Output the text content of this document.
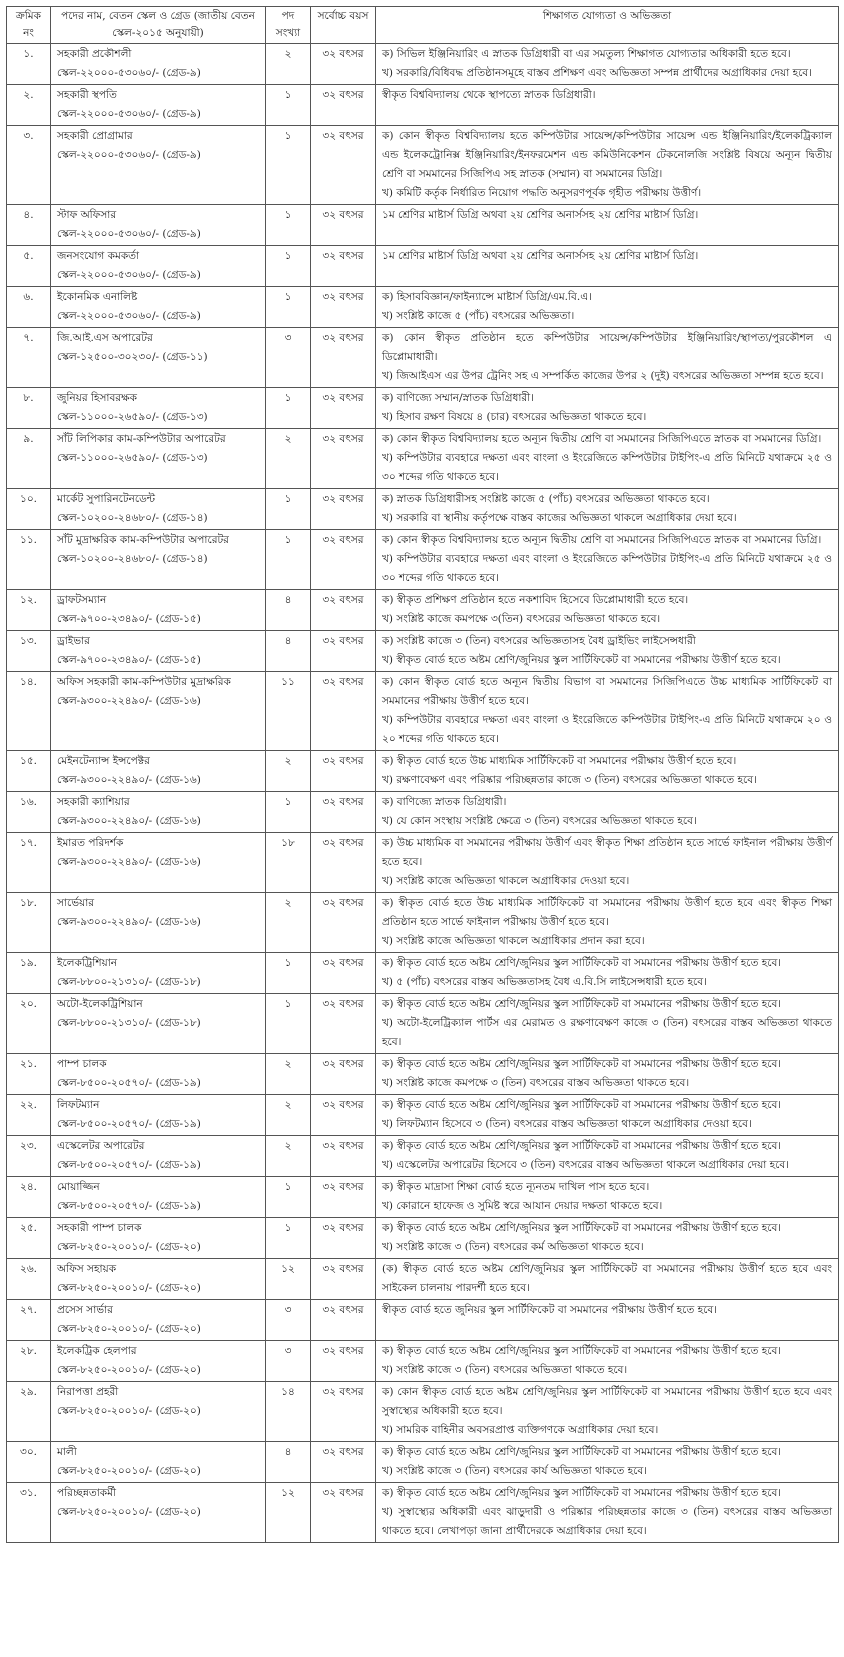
ক্রমিক নং	পদের নাম, বেতন স্কেল ও গ্রেড (জাতীয় বেতন স্কেল-২০১৫ অনুযায়ী)	পদ সংখ্যা	সর্বোচ্চ বয়স	শিক্ষাগত যোগ্যতা ও অভিজ্ঞতা
১.	সহকারী প্রকৌশলী
স্কেল-২২০০০-৫৩০৬০/- (গ্রেড-৯)	২	৩২ বৎসর	ক) সিভিল ইঞ্জিনিয়ারিং এ স্নাতক ডিগ্রিধারী বা এর সমতুল্য শিক্ষাগত যোগ্যতার অধিকারী হতে হবে।
খ) সরকারি/বিধিবদ্ধ প্রতিষ্ঠানসমূহে বাস্তব প্রশিক্ষণ এবং অভিজ্ঞতা সম্পন্ন প্রার্থীদের অগ্রাধিকার দেয়া হবে।

২.	সহকারী স্থপতি
স্কেল-২২০০০-৫৩০৬০/- (গ্রেড-৯)	১	৩২ বৎসর	স্বীকৃত বিশ্ববিদ্যালয় থেকে স্থাপত্যে স্নাতক ডিগ্রিধারী।

৩.	সহকারী প্রোগ্রামার
স্কেল-২২০০০-৫৩০৬০/- (গ্রেড-৯)	১	৩২ বৎসর	ক) কোন স্বীকৃত বিশ্ববিদ্যালয় হতে কম্পিউটার সায়েন্স/কম্পিউটার সায়েন্স এন্ড ইঞ্জিনিয়ারিং/ইলেকট্রিক্যাল এন্ড ইলেকট্রোনিক্স ইঞ্জিনিয়ারিং/ইনফরমেশন এন্ড কমিউনিকেশন টেকনোলজি সংশ্লিষ্ট বিষয়ে অন্যূন দ্বিতীয় শ্রেণি বা সমমানের সিজিপিএ সহ স্নাতক (সম্মান) বা সমমানের ডিগ্রি।
খ) কমিটি কর্তৃক নির্ধারিত নিয়োগ পদ্ধতি অনুসরণপূর্বক গৃহীত পরীক্ষায় উত্তীর্ণ।

৪.	স্টাফ অফিসার
স্কেল-২২০০০-৫৩০৬০/- (গ্রেড-৯)	১	৩২ বৎসর	১ম শ্রেণির মাষ্টার্স ডিগ্রি অথবা ২য় শ্রেণির অনার্সসহ ২য় শ্রেণির মাষ্টার্স ডিগ্রি।

৫.	জনসংযোগ কমকর্তা
স্কেল-২২০০০-৫৩০৬০/- (গ্রেড-৯)	১	৩২ বৎসর	১ম শ্রেণির মাষ্টার্স ডিগ্রি অথবা ২য় শ্রেণির অনার্সসহ ২য় শ্রেণির মাষ্টার্স ডিগ্রি।

৬.	ইকোনমিক এনালিষ্ট
স্কেল-২২০০০-৫৩০৬০/- (গ্রেড-৯)	১	৩২ বৎসর	ক) হিসাববিজ্ঞান/ফাইন্যান্সে মাষ্টার্স ডিগ্রি/এম.বি.এ।
খ) সংশ্লিষ্ট কাজে ৫ (পাঁচ) বৎসরের অভিজ্ঞতা।

৭.	জি.আই.এস অপারেটর
স্কেল-১২৫০০-৩০২৩০/- (গ্রেড-১১)	৩	৩২ বৎসর	ক) কোন স্বীকৃত প্রতিষ্ঠান হতে কম্পিউটার সায়েন্স/কম্পিউটার ইঞ্জিনিয়ারিং/স্থাপত্য/পুরকৌশল এ ডিপ্লোমাধারী।
খ) জিআইএস এর উপর ট্রেনিং সহ এ সম্পর্কিত কাজের উপর ২ (দুই) বৎসরের অভিজ্ঞতা সম্পন্ন হতে হবে।

৮.	জুনিয়র হিসাবরক্ষক
স্কেল-১১০০০-২৬৫৯০/- (গ্রেড-১৩)	১	৩২ বৎসর	ক) বাণিজ্যে সম্মান/স্নাতক ডিগ্রিধারী।
খ) হিসাব রক্ষণ বিষয়ে ৪ (চার) বৎসরের অভিজ্ঞতা থাকতে হবে।

৯.	সাঁট লিপিকার কাম-কম্পিউটার অপারেটর
স্কেল-১১০০০-২৬৫৯০/- (গ্রেড-১৩)	২	৩২ বৎসর	ক) কোন স্বীকৃত বিশ্ববিদ্যালয় হতে অন্যূন দ্বিতীয় শ্রেণি বা সমমানের সিজিপিএতে স্নাতক বা সমমানের ডিগ্রি।
খ) কম্পিউটার ব্যবহারে দক্ষতা এবং বাংলা ও ইংরেজিতে কম্পিউটার টাইপিং-এ প্রতি মিনিটে যথাক্রমে ২৫ ও ৩০ শব্দের গতি থাকতে হবে।

১০.	মার্কেট সুপারিনটেনডেন্ট
স্কেল-১০২০০-২৪৬৮০/- (গ্রেড-১৪)	১	৩২ বৎসর	ক) স্নাতক ডিগ্রিধারীসহ সংশ্লিষ্ট কাজে ৫ (পাঁচ) বৎসরের অভিজ্ঞতা থাকতে হবে।
খ) সরকারি বা স্থানীয় কর্তৃপক্ষে বাস্তব কাজের অভিজ্ঞতা থাকলে অগ্রাধিকার দেয়া হবে।

১১.	সাঁট মুদ্রাক্ষরিক কাম-কম্পিউটার অপারেটর
স্কেল-১০২০০-২৪৬৮০/- (গ্রেড-১৪)	১	৩২ বৎসর	ক) কোন স্বীকৃত বিশ্ববিদ্যালয় হতে অন্যূন দ্বিতীয় শ্রেণি বা সমমানের সিজিপিএতে স্নাতক বা সমমানের ডিগ্রি।
খ) কম্পিউটার ব্যবহারে দক্ষতা এবং বাংলা ও ইংরেজিতে কম্পিউটার টাইপিং-এ প্রতি মিনিটে যথাক্রমে ২৫ ও ৩০ শব্দের গতি থাকতে হবে।

১২.	ড্রাফটসম্যান
স্কেল-৯৭০০-২৩৪৯০/- (গ্রেড-১৫)	৪	৩২ বৎসর	ক) স্বীকৃত প্রশিক্ষণ প্রতিষ্ঠান হতে নকশাবিদ হিসেবে ডিপ্লোমাধারী হতে হবে।
খ) সংশ্লিষ্ট কাজে কমপক্ষে ৩(তিন) বৎসরের অভিজ্ঞতা থাকতে হবে।

১৩.	ড্রাইভার
স্কেল-৯৭০০-২৩৪৯০/- (গ্রেড-১৫)	৪	৩২ বৎসর	ক) সংশ্লিষ্ট কাজে ৩ (তিন) বৎসরের অভিজ্ঞতাসহ বৈধ ড্রাইভিং লাইসেন্সধারী
খ) স্বীকৃত বোর্ড হতে অষ্টম শ্রেণি/জুনিয়র স্কুল সার্টিফিকেট বা সমমানের পরীক্ষায় উত্তীর্ণ হতে হবে।

১৪.	অফিস সহকারী কাম-কম্পিউটার মুদ্রাক্ষরিক
স্কেল-৯৩০০-২২৪৯০/- (গ্রেড-১৬)	১১	৩২ বৎসর	ক) কোন স্বীকৃত বোর্ড হতে অন্যূন দ্বিতীয় বিভাগ বা সমমানের সিজিপিএতে উচ্চ মাধ্যমিক সার্টিফিকেট বা সমমানের পরীক্ষায় উত্তীর্ণ হতে হবে।
খ) কম্পিউটার ব্যবহারে দক্ষতা এবং বাংলা ও ইংরেজিতে কম্পিউটার টাইপিং-এ প্রতি মিনিটে যথাক্রমে ২০ ও ২০ শব্দের গতি থাকতে হবে।

১৫.	মেইনটেন্যান্স ইন্সপেক্টর
স্কেল-৯৩০০-২২৪৯০/- (গ্রেড-১৬)	২	৩২ বৎসর	ক) স্বীকৃত বোর্ড হতে উচ্চ মাধ্যমিক সার্টিফিকেট বা সমমানের পরীক্ষায় উত্তীর্ণ হতে হবে।
খ) রক্ষণাবেক্ষণ এবং পরিষ্কার পরিচ্ছন্নতার কাজে ৩ (তিন) বৎসরের অভিজ্ঞতা থাকতে হবে।

১৬.	সহকারী ক্যাশিয়ার
স্কেল-৯৩০০-২২৪৯০/- (গ্রেড-১৬)	১	৩২ বৎসর	ক) বাণিজ্যে স্নাতক ডিগ্রিধারী।
খ) যে কোন সংস্থায় সংশ্লিষ্ট ক্ষেত্রে ৩ (তিন) বৎসরের অভিজ্ঞতা থাকতে হবে।

১৭.	ইমারত পরিদর্শক
স্কেল-৯৩০০-২২৪৯০/- (গ্রেড-১৬)	১৮	৩২ বৎসর	ক) উচ্চ মাধ্যমিক বা সমমানের পরীক্ষায় উত্তীর্ণ এবং স্বীকৃত শিক্ষা প্রতিষ্ঠান হতে সার্ভে ফাইনাল পরীক্ষায় উত্তীর্ণ হতে হবে।
খ) সংশ্লিষ্ট কাজে অভিজ্ঞতা থাকলে অগ্রাধিকার দেওয়া হবে।

১৮.	সার্ভেয়ার
স্কেল-৯৩০০-২২৪৯০/- (গ্রেড-১৬)	২	৩২ বৎসর	ক) স্বীকৃত বোর্ড হতে উচ্চ মাধ্যমিক সার্টিফিকেট বা সমমানের পরীক্ষায় উত্তীর্ণ হতে হবে এবং স্বীকৃত শিক্ষা প্রতিষ্ঠান হতে সার্ভে ফাইনাল পরীক্ষায় উত্তীর্ণ হতে হবে।
খ) সংশ্লিষ্ট কাজে অভিজ্ঞতা থাকলে অগ্রাধিকার প্রদান করা হবে।

১৯.	ইলেকট্রিশিয়ান
স্কেল-৮৮০০-২১৩১০/- (গ্রেড-১৮)	১	৩২ বৎসর	ক) স্বীকৃত বোর্ড হতে অষ্টম শ্রেণি/জুনিয়র স্কুল সার্টিফিকেট বা সমমানের পরীক্ষায় উত্তীর্ণ হতে হবে।
খ) ৫ (পাঁচ) বৎসরের বাস্তব অভিজ্ঞতাসহ বৈধ এ.বি.সি লাইসেন্সধারী হতে হবে।

২০.	অটো-ইলেকট্রিশিয়ান
স্কেল-৮৮০০-২১৩১০/- (গ্রেড-১৮)	১	৩২ বৎসর	ক) স্বীকৃত বোর্ড হতে অষ্টম শ্রেণি/জুনিয়র স্কুল সার্টিফিকেট বা সমমানের পরীক্ষায় উত্তীর্ণ হতে হবে।
খ) অটো-ইলেট্রিক্যাল পার্টস এর মেরামত ও রক্ষণাবেক্ষণ কাজে ৩ (তিন) বৎসরের বাস্তব অভিজ্ঞতা থাকতে হবে।

২১.	পাম্প চালক
স্কেল-৮৫০০-২০৫৭০/- (গ্রেড-১৯)	২	৩২ বৎসর	ক) স্বীকৃত বোর্ড হতে অষ্টম শ্রেণি/জুনিয়র স্কুল সার্টিফিকেট বা সমমানের পরীক্ষায় উত্তীর্ণ হতে হবে।
খ) সংশ্লিষ্ট কাজে কমপক্ষে ৩ (তিন) বৎসরের বাস্তব অভিজ্ঞতা থাকতে হবে।

২২.	লিফটম্যান
স্কেল-৮৫০০-২০৫৭০/- (গ্রেড-১৯)	২	৩২ বৎসর	ক) স্বীকৃত বোর্ড হতে অষ্টম শ্রেণি/জুনিয়র স্কুল সার্টিফিকেট বা সমমানের পরীক্ষায় উত্তীর্ণ হতে হবে।
খ) লিফটম্যান হিসেবে ৩ (তিন) বৎসরের বাস্তব অভিজ্ঞতা থাকলে অগ্রাধিকার দেওয়া হবে।

২৩.	এস্কেলেটর অপারেটর
স্কেল-৮৫০০-২০৫৭০/- (গ্রেড-১৯)	২	৩২ বৎসর	ক) স্বীকৃত বোর্ড হতে অষ্টম শ্রেণি/জুনিয়র স্কুল সার্টিফিকেট বা সমমানের পরীক্ষায় উত্তীর্ণ হতে হবে।
খ) এস্কেলেটর অপারেটর হিসেবে ৩ (তিন) বৎসরের বাস্তব অভিজ্ঞতা থাকলে অগ্রাধিকার দেয়া হবে।

২৪.	মোয়াজ্জিন
স্কেল-৮৫০০-২০৫৭০/- (গ্রেড-১৯)	১	৩২ বৎসর	ক) স্বীকৃত মাদ্রাসা শিক্ষা বোর্ড হতে ন্যূনতম দাখিল পাস হতে হবে।
খ) কোরানে হাফেজ ও সুমিষ্ট স্বরে আযান দেয়ার দক্ষতা থাকতে হবে।

২৫.	সহকারী পাম্প চালক
স্কেল-৮২৫০-২০০১০/- (গ্রেড-২০)	১	৩২ বৎসর	ক) স্বীকৃত বোর্ড হতে অষ্টম শ্রেণি/জুনিয়র স্কুল সার্টিফিকেট বা সমমানের পরীক্ষায় উত্তীর্ণ হতে হবে।
খ) সংশ্লিষ্ট কাজে ৩ (তিন) বৎসরের কর্ম অভিজ্ঞতা থাকতে হবে।

২৬.	অফিস সহায়ক
স্কেল-৮২৫০-২০০১০/- (গ্রেড-২০)	১২	৩২ বৎসর	(ক) স্বীকৃত বোর্ড হতে অষ্টম শ্রেণি/জুনিয়র স্কুল সার্টিফিকেট বা সমমানের পরীক্ষায় উত্তীর্ণ হতে হবে এবং সাইকেল চালনায় পারদর্শী হতে হবে।

২৭.	প্রসেস সার্ভার
স্কেল-৮২৫০-২০০১০/- (গ্রেড-২০)	৩	৩২ বৎসর	স্বীকৃত বোর্ড হতে জুনিয়র স্কুল সার্টিফিকেট বা সমমানের পরীক্ষায় উত্তীর্ণ হতে হবে।

২৮.	ইলেকট্রিক হেলপার
স্কেল-৮২৫০-২০০১০/- (গ্রেড-২০)	৩	৩২ বৎসর	ক) স্বীকৃত বোর্ড হতে অষ্টম শ্রেণি/জুনিয়র স্কুল সার্টিফিকেট বা সমমানের পরীক্ষায় উত্তীর্ণ হতে হবে।
খ) সংশ্লিষ্ট কাজে ৩ (তিন) বৎসরের অভিজ্ঞতা থাকতে হবে।

২৯.	নিরাপত্তা প্রহরী
স্কেল-৮২৫০-২০০১০/- (গ্রেড-২০)	১৪	৩২ বৎসর	ক) কোন স্বীকৃত বোর্ড হতে অষ্টম শ্রেণি/জুনিয়র স্কুল সার্টিফিকেট বা সমমানের পরীক্ষায় উত্তীর্ণ হতে হবে এবং সুস্বাস্থ্যের অধিকারী হতে হবে।
খ) সামরিক বাহিনীর অবসরপ্রাপ্ত ব্যক্তিগণকে অগ্রাধিকার দেয়া হবে।

৩০.	মালী
স্কেল-৮২৫০-২০০১০/- (গ্রেড-২০)	৪	৩২ বৎসর	ক) স্বীকৃত বোর্ড হতে অষ্টম শ্রেণি/জুনিয়র স্কুল সার্টিফিকেট বা সমমানের পরীক্ষায় উত্তীর্ণ হতে হবে।
খ) সংশ্লিষ্ট কাজে ৩ (তিন) বৎসরের কার্য অভিজ্ঞতা থাকতে হবে।

৩১.	পরিচ্ছন্নতাকর্মী
স্কেল-৮২৫০-২০০১০/- (গ্রেড-২০)	১২	৩২ বৎসর	ক) স্বীকৃত বোর্ড হতে অষ্টম শ্রেণি/জুনিয়র স্কুল সার্টিফিকেট বা সমমানের পরীক্ষায় উত্তীর্ণ হতে হবে।
খ) সুস্বাস্থ্যের অধিকারী এবং ঝাড়ুদারী ও পরিষ্কার পরিচ্ছন্নতার কাজে ৩ (তিন) বৎসরের বাস্তব অভিজ্ঞতা থাকতে হবে। লেখাপড়া জানা প্রার্থীদেরকে অগ্রাধিকার দেয়া হবে।
